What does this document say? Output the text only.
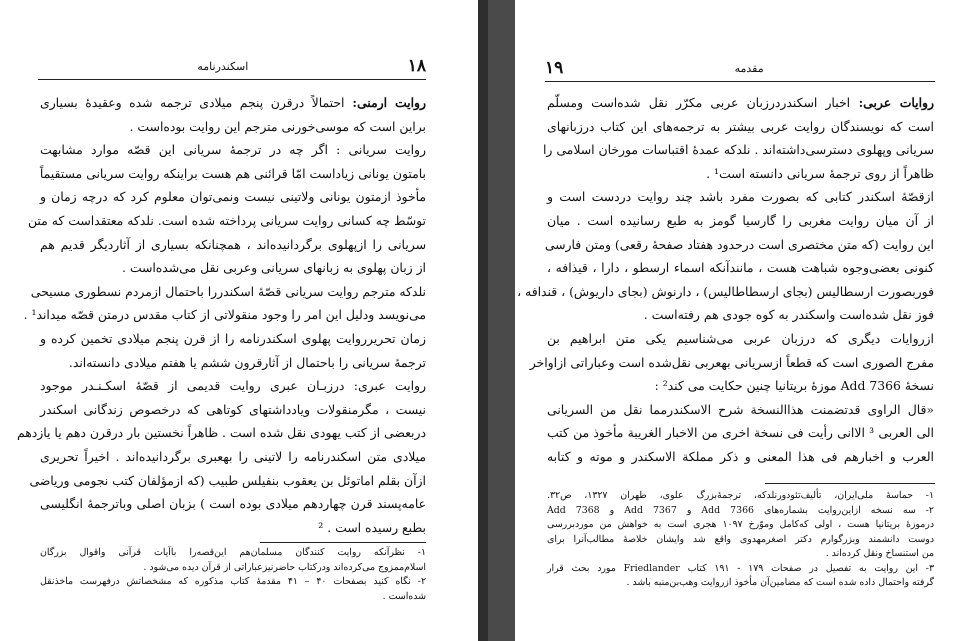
١٨
اسکندرنامه
روایت ارمنی: احتمالاً درقرن پنجم میلادی ترجمه شده وعقیدهٔ بسیاری
براین است که موسی‌خورنی مترجم این روایت بوده‌است .
روایت سریانی : اگر چه در ترجمهٔ سریانی این قصّه موارد مشابهت
بامتون یونانی زیاداست امّا قرائنی هم هست براینکه روایت سریانی مستقیماً
مأخوذ ازمتون یونانی ولاتینی نیست ونمی‌توان معلوم کرد که درچه زمان و
توسّط چه کسانی روایت سریانی پرداخته شده است. نلدکه معتقداست که متن
سریانی را ازپهلوی برگردانیده‌اند ، همچنانکه بسیاری از آثاردیگر قدیم هم
از زبان پهلوی به زبانهای سریانی وعربی نقل می‌شده‌است .
نلدکه مترجم روایت سریانی قصّهٔ اسکندررا باحتمال ازمردم نسطوری مسیحی
می‌نویسد ودلیل این امر را وجود منقولاتی از کتاب مقدس درمتن قصّه میداند¹ .
زمان تحریرروایت پهلوی اسکندرنامه را از قرن پنجم میلادی تخمین کرده و
ترجمهٔ سریانی را باحتمال از آثارقرون ششم یا هفتم میلادی دانسته‌اند.
روایت عبری: درزبـان عبری روایت قدیمی از قصّهٔ اسکـنـدر موجود
نیست ، مگرمنقولات ویادداشتهای کوتاهی که درخصوص زندگانی اسکندر
دربعضی از کتب یهودی نقل شده است . ظاهراً نخستین بار درقرن دهم یا یازدهم
میلادی متن اسکندرنامه را لاتینی را بهعبری برگردانیده‌اند . اخیراً تحریری
ازآن بقلم اماتوئل بن یعقوب بنفیلس طبیب (که ازمؤلفان کتب نجومی وریاضی
عامه‌پسند قرن چهاردهم میلادی بوده است ) بزبان اصلی وباترجمهٔ انگلیسی
بطبع رسیده است . ²
۱- نظرآنکه روایت کنندگان مسلمان‌هم این‌قصه‌را باآیات قرآنی واقوال بزرگان
اسلام‌ممزوج می‌کرده‌اند ودرکتاب حاضرنیزعباراتی از قرآن دیده می‌شود .
۲- نگاه کنید بصفحات ۴۰ – ۴۱ مقدمهٔ کتاب مذکوره که مشخصاتش درفهرست ماخذنقل
شده‌است .
مقدمه
١٩
روایات عربی: اخبار اسکندردرزبان عربی مکرّر نقل شده‌است ومسلّم
است که نویسندگان روایت عربی بیشتر به ترجمه‌های این کتاب درزبانهای
سریانی وپهلوی دسترسی‌داشته‌اند . نلدکه عمدهٔ اقتباسات مورخان اسلامی را
ظاهراً از روی ترجمهٔ سریانی دانسته است¹ .
ازقصّهٔ اسکندر کتابی که بصورت مفرد باشد چند روایت دردست است و
از آن میان روایت مغربی را گارسیا گومز به طبع رسانیده است . میان
این روایت (که متن مختصری است درحدود هفتاد صفحهٔ رقعی) ومتن فارسی
کنونی بعضی‌وجوه شباهت هست ، مانندآنکه اسماء ارسطو ، دارا ، قیذافه ،
فوربصورت ارسطالیس (بجای ارسطاطالیس) ، دارنوش (بجای داریوش) ، قندافه ،
فوز نقل شده‌است واسکندر به کوه جودی هم رفته‌است .
ازروایات دیگری که درزبان عربی می‌شناسیم یکی متن ابراهیم بن
مفرج الصوری است که قطعاً ازسریانی بهعربی نقل‌شده است وعباراتی ازاواخر
نسخهٔ Add 7366 موزهٔ بریتانیا چنین حکایت می کند² :
«قال الراوی قدتضمنت هذاالنسخة شرح الاسکندرمما نقل من السریانی
الی العربی ³ الاانی رأیت فی نسخة اخری من الاخبار الغریبة مأخوذ من کتب
العرب و اخبارهم فی هذا المعنی و ذکر مملکة الاسکندر و موته و کتابه
۱- حماسهٔ ملی‌ایران، تألیف‌تئودورنلدکه، ترجمهٔ‌بزرگ علوی، طهران ۱۳۲۷، ص۳۲.
۲- سه نسخه ازاین‌روایت بشماره‌های Add 7366 و Add 7367 و Add 7368
درموزهٔ بریتانیا هست ، اولی که‌کامل وموّرخ ۱۰۹۷ هجری است به خواهش من موردبررسی
دوست دانشمند وبزرگوارم دکتر اصغرمهدوی واقع شد وایشان خلاصهٔ مطالب‌آنرا برای
من استنساخ ونقل کرده‌اند .
۳- این روایت به تفصیل در صفحات ۱۷۹ - ۱۹۱ کتاب Friedlander مورد بحث قرار
گرفته واحتمال داده شده است که مضامین‌آن مأخوذ ازروایت وهب‌بن‌منبه باشد .
